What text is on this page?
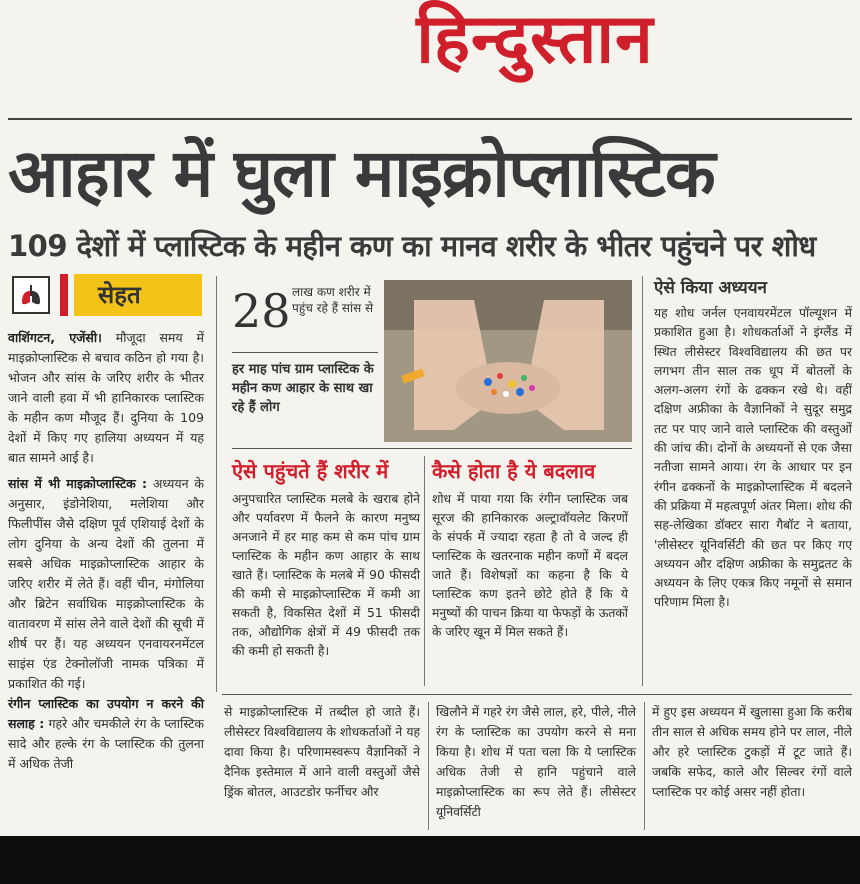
हिन्दुस्तान
आहार में घुला माइक्रोप्लास्टिक
109 देशों में प्लास्टिक के महीन कण का मानव शरीर के भीतर पहुंचने पर शोध
सेहत

वाशिंगटन, एजेंसी। मौजूदा समय में माइक्रोप्लास्टिक से बचाव कठिन हो गया है। भोजन और सांस के जरिए शरीर के भीतर जाने वाली हवा में भी हानिकारक प्लास्टिक के महीन कण मौजूद हैं। दुनिया के 109 देशों में किए गए हालिया अध्ययन में यह बात सामने आई है।

सांस में भी माइक्रोप्लास्टिक : अध्ययन के अनुसार, इंडोनेशिया, मलेशिया और फिलीपींस जैसे दक्षिण पूर्व एशियाई देशों के लोग दुनिया के अन्य देशों की तुलना में सबसे अधिक माइक्रोप्लास्टिक आहार के जरिए शरीर में लेते हैं। वहीं चीन, मंगोलिया और ब्रिटेन सर्वाधिक माइक्रोप्लास्टिक के वातावरण में सांस लेने वाले देशों की सूची में शीर्ष पर हैं। यह अध्ययन एनवायरनमेंटल साइंस एंड टेक्नोलॉजी नामक पत्रिका में प्रकाशित की गई।

रंगीन प्लास्टिक का उपयोग न करने की सलाह : गहरे और चमकीले रंग के प्लास्टिक सादे और हल्के रंग के प्लास्टिक की तुलना में अधिक तेजी

28 लाख कण शरीर में पहुंच रहे हैं सांस से
हर माह पांच ग्राम प्लास्टिक के महीन कण आहार के साथ खा रहे हैं लोग
ऐसे पहुंचते हैं शरीर में
अनुपचारित प्लास्टिक मलबे के खराब होने और पर्यावरण में फैलने के कारण मनुष्य अनजाने में हर माह कम से कम पांच ग्राम प्लास्टिक के महीन कण आहार के साथ खाते हैं। प्लास्टिक के मलबे में 90 फीसदी की कमी से माइक्रोप्लास्टिक में कमी आ सकती है, विकसित देशों में 51 फीसदी तक, औद्योगिक क्षेत्रों में 49 फीसदी तक की कमी हो सकती है।
कैसे होता है ये बदलाव
शोध में पाया गया कि रंगीन प्लास्टिक जब सूरज की हानिकारक अल्ट्रावॉयलेट किरणों के संपर्क में ज्यादा रहता है तो वे जल्द ही प्लास्टिक के खतरनाक महीन कणों में बदल जाते हैं। विशेषज्ञों का कहना है कि ये प्लास्टिक कण इतने छोटे होते हैं कि ये मनुष्यों की पाचन क्रिया या फेफड़ों के ऊतकों के जरिए खून में मिल सकते हैं।
ऐसे किया अध्ययन
यह शोध जर्नल एनवायरमेंटल पॉल्यूशन में प्रकाशित हुआ है। शोधकर्ताओं ने इंग्लैंड में स्थित लीसेस्टर विश्वविद्यालय की छत पर लगभग तीन साल तक धूप में बोतलों के अलग-अलग रंगों के ढक्कन रखे थे। वहीं दक्षिण अफ्रीका के वैज्ञानिकों ने सुदूर समुद्र तट पर पाए जाने वाले प्लास्टिक की वस्तुओं की जांच की। दोनों के अध्ययनों से एक जैसा नतीजा सामने आया। रंग के आधार पर इन रंगीन ढक्कनों के माइक्रोप्लास्टिक में बदलने की प्रक्रिया में महत्वपूर्ण अंतर मिला। शोध की सह-लेखिका डॉक्टर सारा गैबॉट ने बताया, 'लीसेस्टर यूनिवर्सिटी की छत पर किए गए अध्ययन और दक्षिण अफ्रीका के समुद्रतट के अध्ययन के लिए एकत्र किए नमूनों से समान परिणाम मिला है।
से माइक्रोप्लास्टिक में तब्दील हो जाते हैं। लीसेस्टर विश्वविद्यालय के शोधकर्ताओं ने यह दावा किया है। परिणामस्वरूप वैज्ञानिकों ने दैनिक इस्तेमाल में आने वाली वस्तुओं जैसे ड्रिंक बोतल, आउटडोर फर्नीचर और
खिलौने में गहरे रंग जैसे लाल, हरे, पीले, नीले रंग के प्लास्टिक का उपयोग करने से मना किया है। शोध में पता चला कि ये प्लास्टिक अधिक तेजी से हानि पहुंचाने वाले माइक्रोप्लास्टिक का रूप लेते हैं। लीसेस्टर यूनिवर्सिटी
में हुए इस अध्ययन में खुलासा हुआ कि करीब तीन साल से अधिक समय होने पर लाल, नीले और हरे प्लास्टिक टुकड़ों में टूट जाते हैं। जबकि सफेद, काले और सिल्वर रंगों वाले प्लास्टिक पर कोई असर नहीं होता।
